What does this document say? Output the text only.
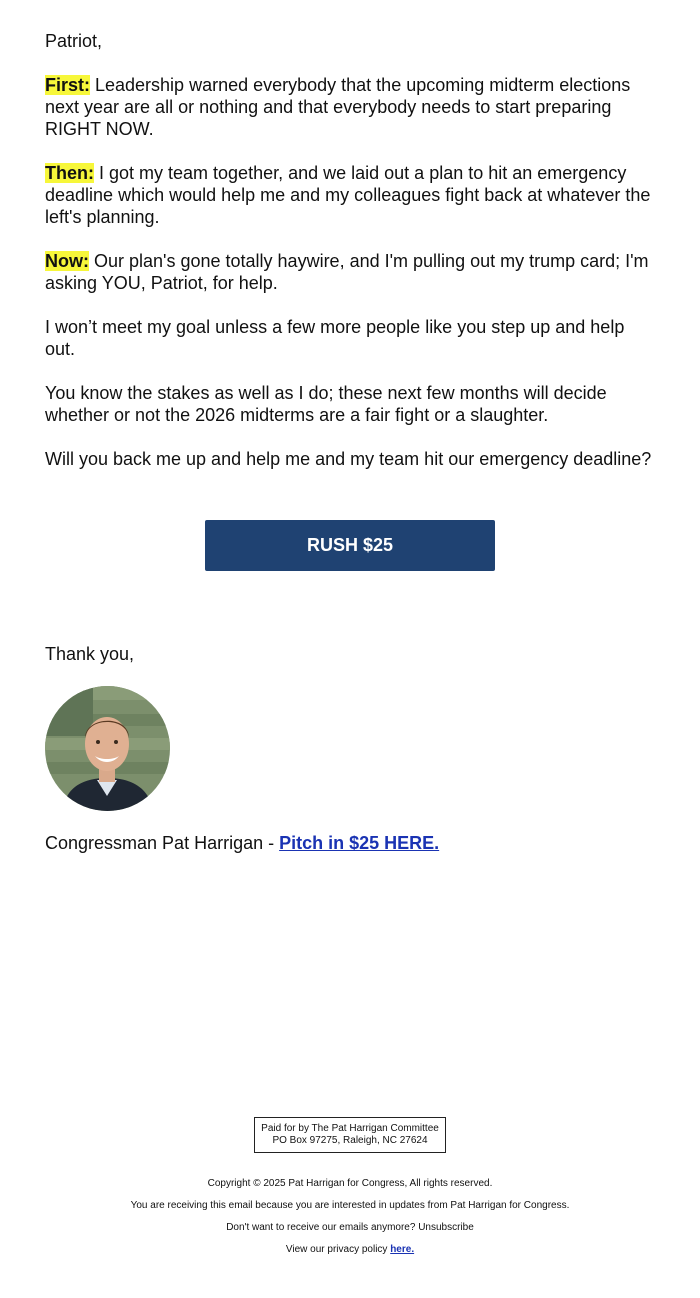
Patriot,

First: Leadership warned everybody that the upcoming midterm elections next year are all or nothing and that everybody needs to start preparing RIGHT NOW.

Then: I got my team together, and we laid out a plan to hit an emergency deadline which would help me and my colleagues fight back at whatever the left's planning.

Now: Our plan's gone totally haywire, and I'm pulling out my trump card; I'm asking YOU, Patriot, for help.

I won’t meet my goal unless a few more people like you step up and help out.

You know the stakes as well as I do; these next few months will decide whether or not the 2026 midterms are a fair fight or a slaughter.

Will you back me up and help me and my team hit our emergency deadline?

Thank you,

RUSH $25
Congressman Pat Harrigan - Pitch in $25 HERE.
Paid for by The Pat Harrigan Committee
PO Box 97275, Raleigh, NC 27624
Copyright © 2025 Pat Harrigan for Congress, All rights reserved.
You are receiving this email because you are interested in updates from Pat Harrigan for Congress.
Don't want to receive our emails anymore? Unsubscribe
View our privacy policy here.
